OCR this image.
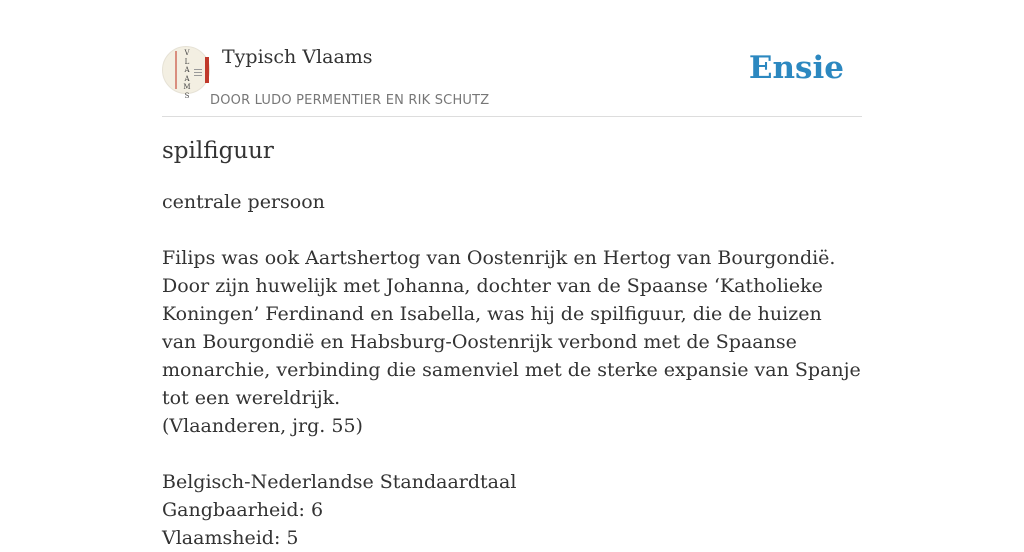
V
L
A
A
M
S
Typisch Vlaams
DOOR LUDO PERMENTIER EN RIK SCHUTZ
Ensie
spilfiguur
centrale persoon
Filips was ook Aartshertog van Oostenrijk en Hertog van Bourgondië. Door zijn huwelijk met Johanna, dochter van de Spaanse ‘Katholieke Koningen’ Ferdinand en Isabella, was hij de spilfiguur, die de huizen van Bourgondië en Habsburg-Oostenrijk verbond met de Spaanse monarchie, verbinding die samenviel met de sterke expansie van Spanje tot een wereldrijk.
(Vlaanderen, jrg. 55)
Belgisch-Nederlandse Standaardtaal
Gangbaarheid: 6
Vlaamsheid: 5
